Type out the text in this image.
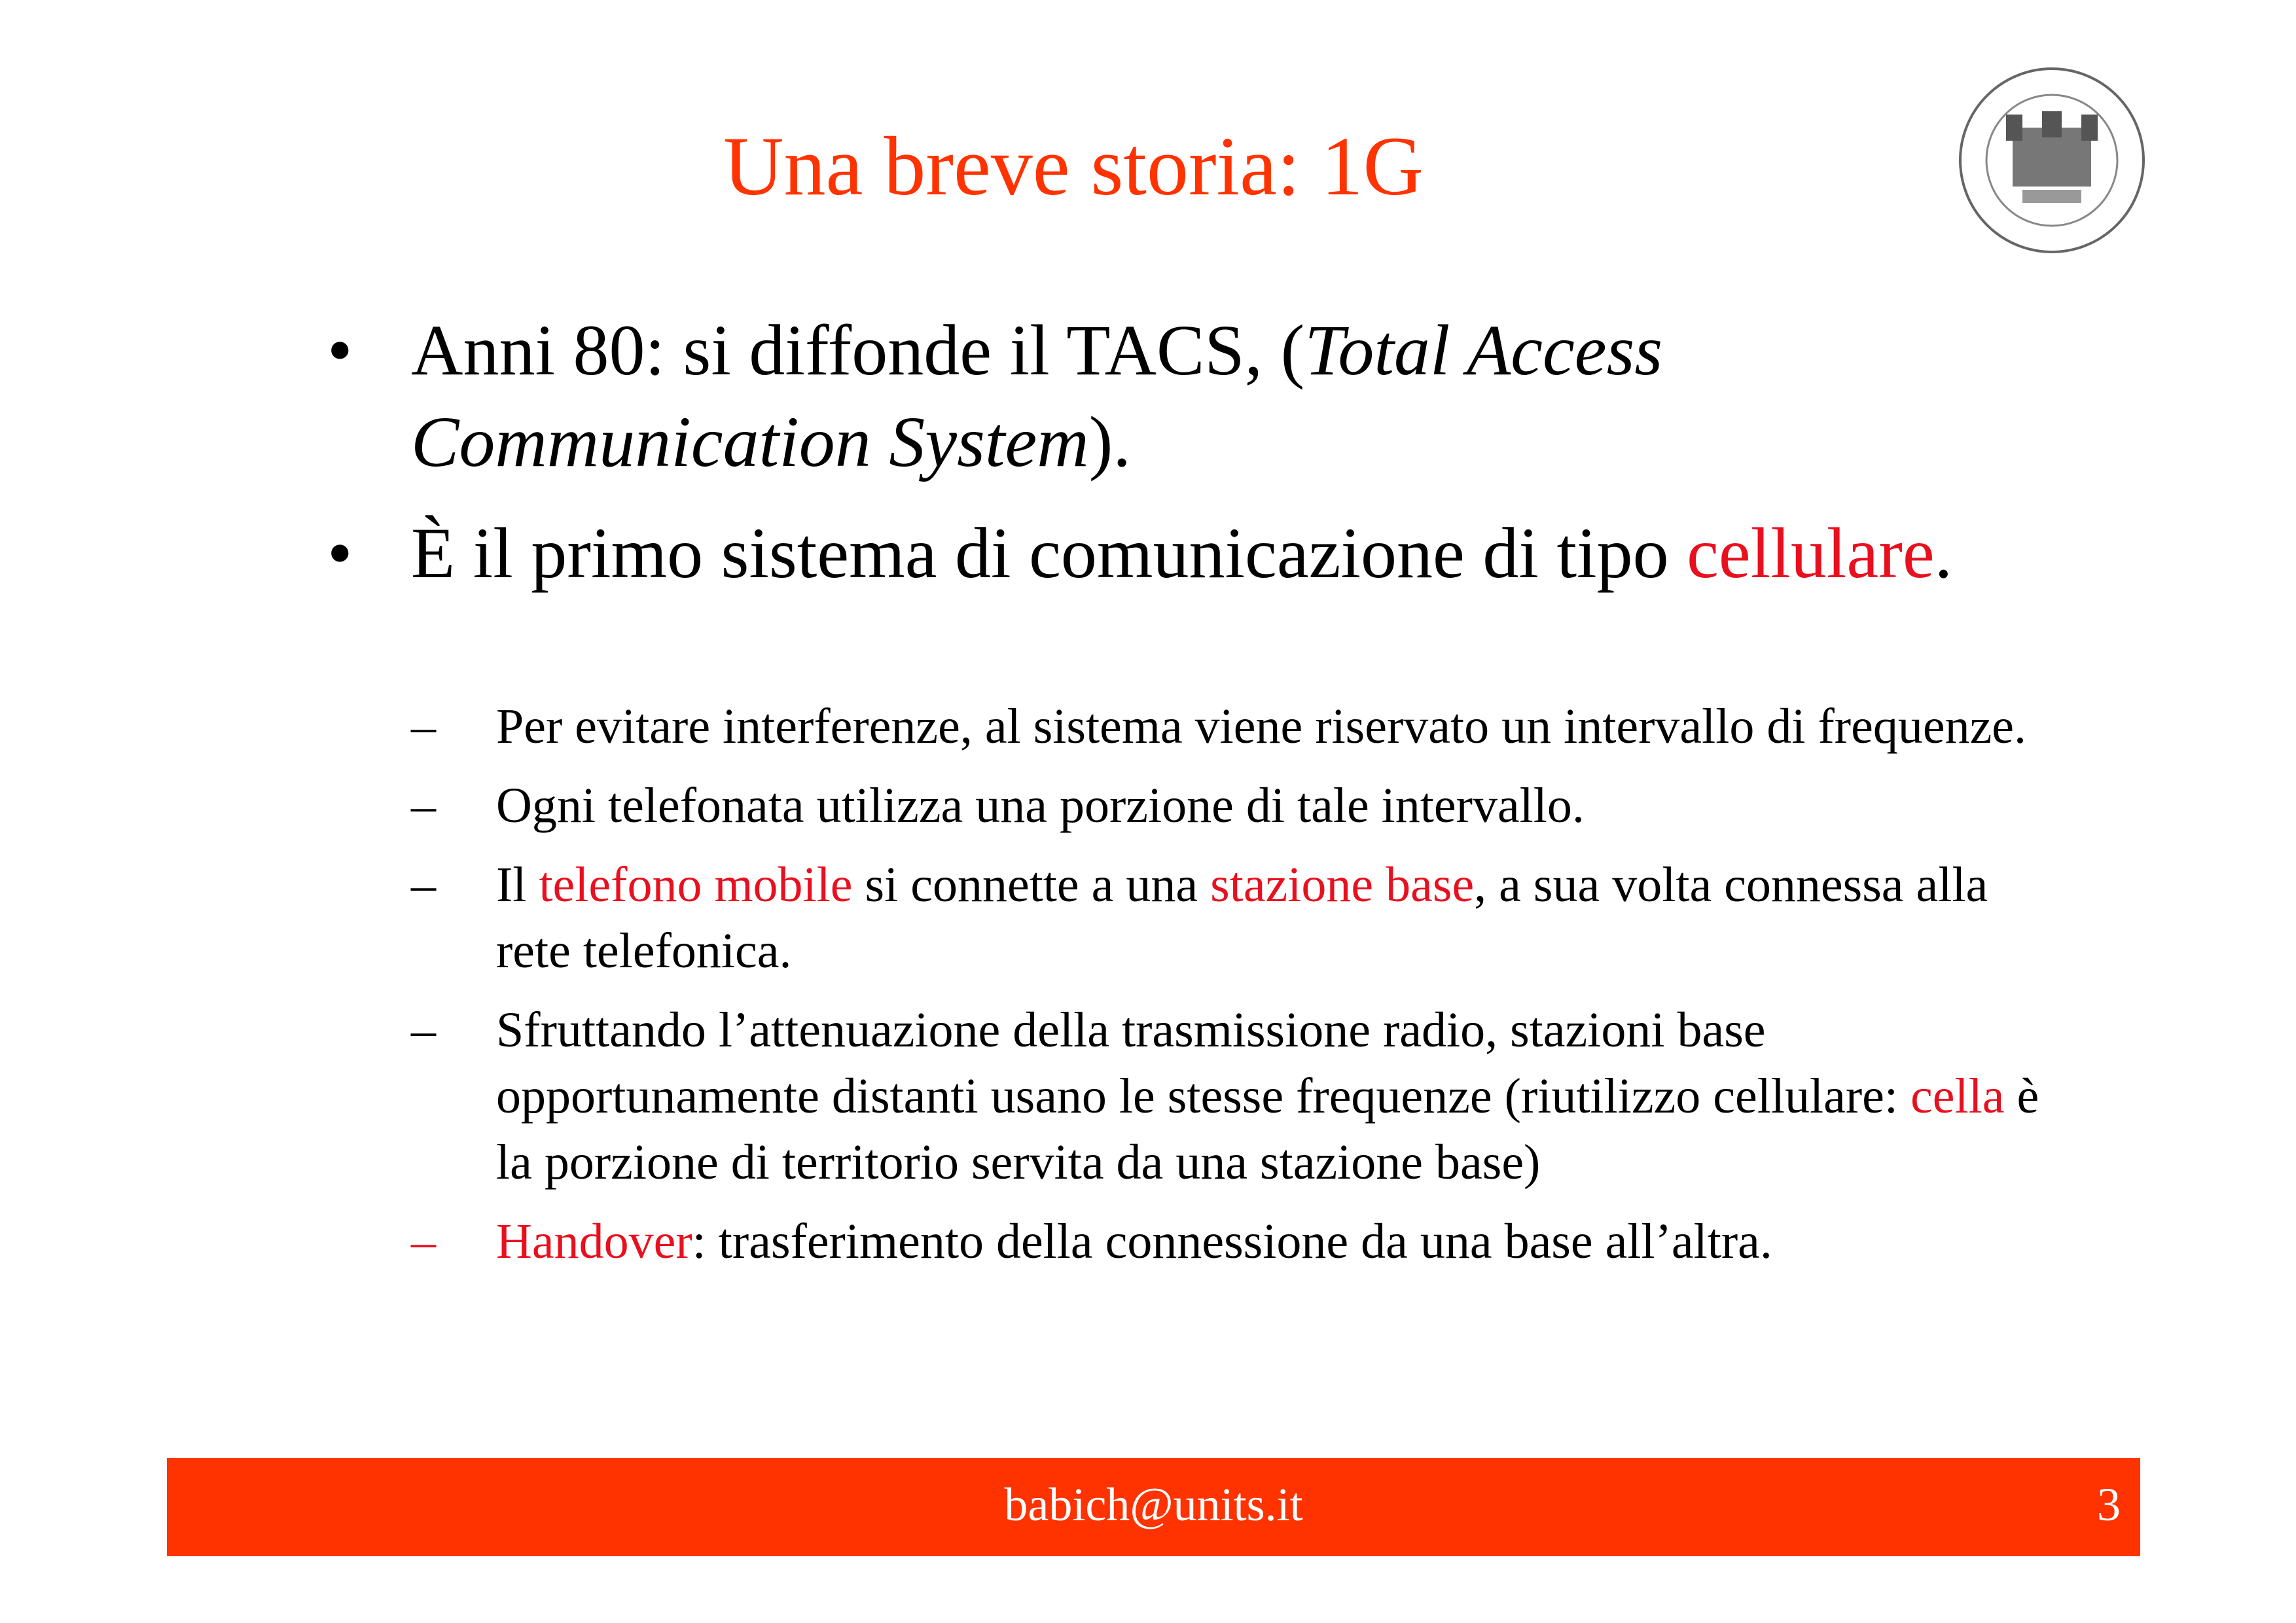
Una breve storia: 1G
• Anni 80: si diffonde il TACS, (Total Access Communication System).
• È il primo sistema di comunicazione di tipo cellulare.
– Per evitare interferenze, al sistema viene riservato un intervallo di frequenze.
– Ogni telefonata utilizza una porzione di tale intervallo.
– Il telefono mobile si connette a una stazione base, a sua volta connessa alla rete telefonica.
– Sfruttando l’attenuazione della trasmissione radio, stazioni base opportunamente distanti usano le stesse frequenze (riutilizzo cellulare: cella è la porzione di territorio servita da una stazione base)
– Handover: trasferimento della connessione da una base all’altra.
babich@units.it	3
